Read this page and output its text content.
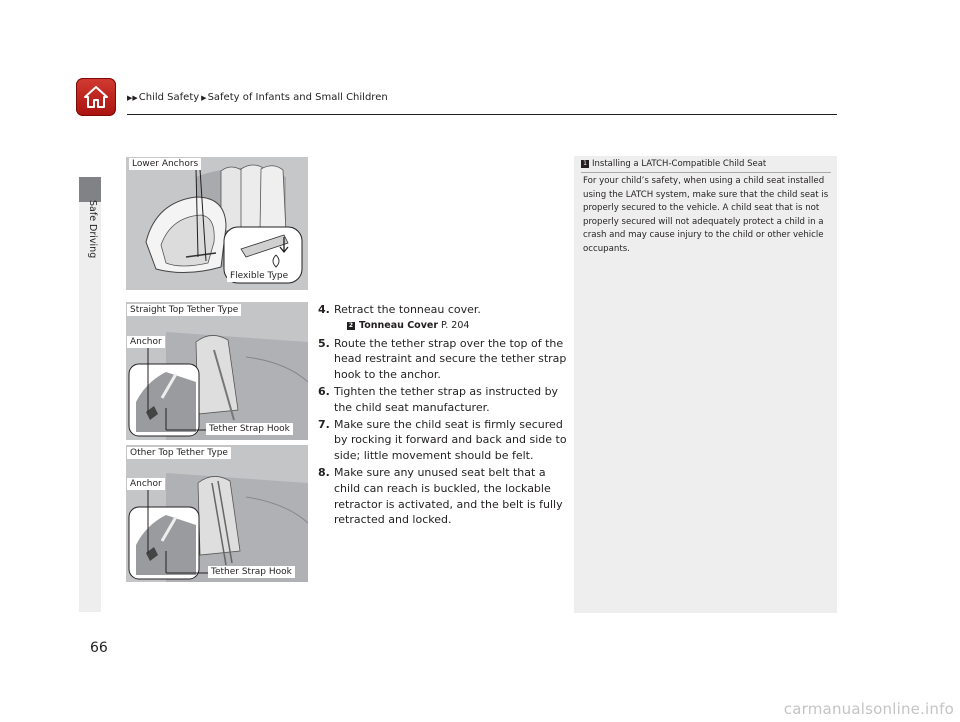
▶▶ Child Safety ▶ Safety of Infants and Small Children
Safe Driving
Lower Anchors
Flexible Type
Straight Top Tether Type
Anchor
Tether Strap Hook
Other Top Tether Type
Anchor
Tether Strap Hook
4. Retract the tonneau cover.
2 Tonneau Cover P. 204
5. Route the tether strap over the top of the head restraint and secure the tether strap hook to the anchor.
6. Tighten the tether strap as instructed by the child seat manufacturer.
7. Make sure the child seat is firmly secured by rocking it forward and back and side to side; little movement should be felt.
8. Make sure any unused seat belt that a child can reach is buckled, the lockable retractor is activated, and the belt is fully retracted and locked.
1 Installing a LATCH-Compatible Child Seat
For your child’s safety, when using a child seat installed using the LATCH system, make sure that the child seat is properly secured to the vehicle. A child seat that is not properly secured will not adequately protect a child in a crash and may cause injury to the child or other vehicle occupants.
66
carmanualsonline.info
